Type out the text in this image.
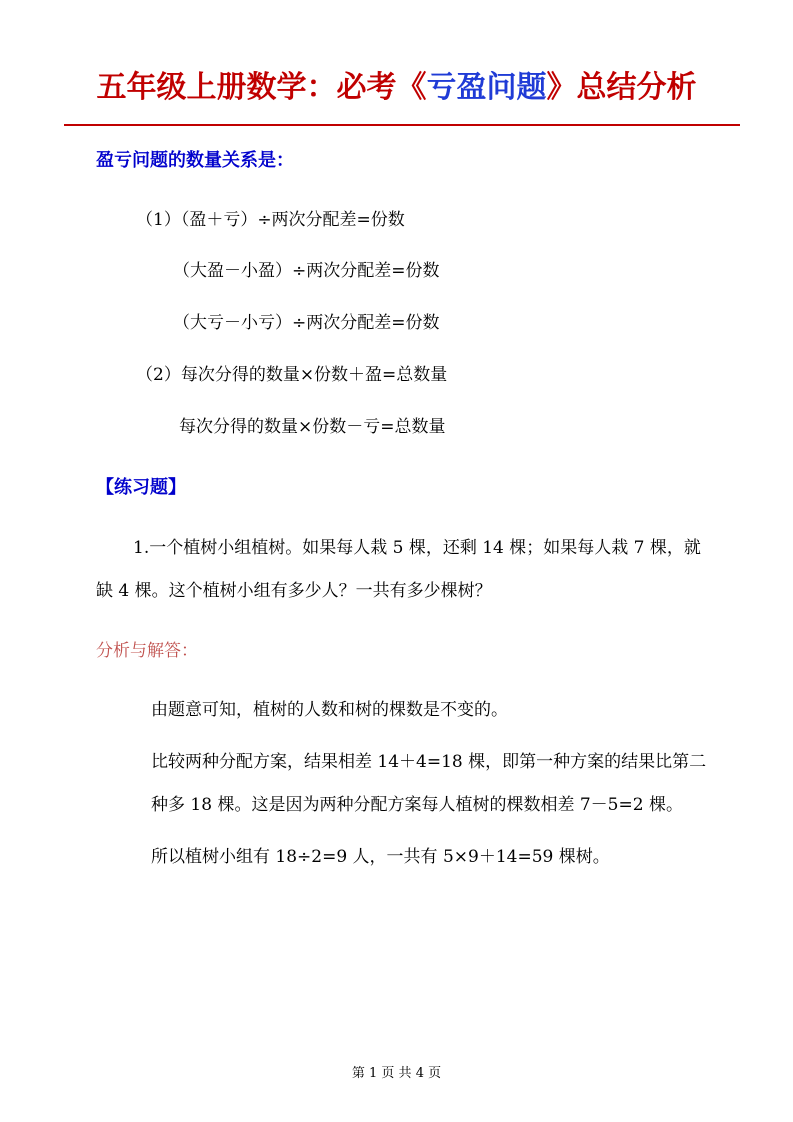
五年级上册数学：必考《亏盈问题》总结分析
盈亏问题的数量关系是：
（1）（盈＋亏）÷两次分配差=份数
（大盈－小盈）÷两次分配差=份数
（大亏－小亏）÷两次分配差=份数
（2）每次分得的数量×份数＋盈=总数量
每次分得的数量×份数－亏=总数量
【练习题】
1.一个植树小组植树。如果每人栽 5 棵，还剩 14 棵；如果每人栽 7 棵，就
缺 4 棵。这个植树小组有多少人？一共有多少棵树？
分析与解答：
由题意可知，植树的人数和树的棵数是不变的。
比较两种分配方案，结果相差 14＋4=18 棵，即第一种方案的结果比第二
种多 18 棵。这是因为两种分配方案每人植树的棵数相差 7－5=2 棵。
所以植树小组有 18÷2=9 人，一共有 5×9＋14=59 棵树。
第 1 页 共 4 页
